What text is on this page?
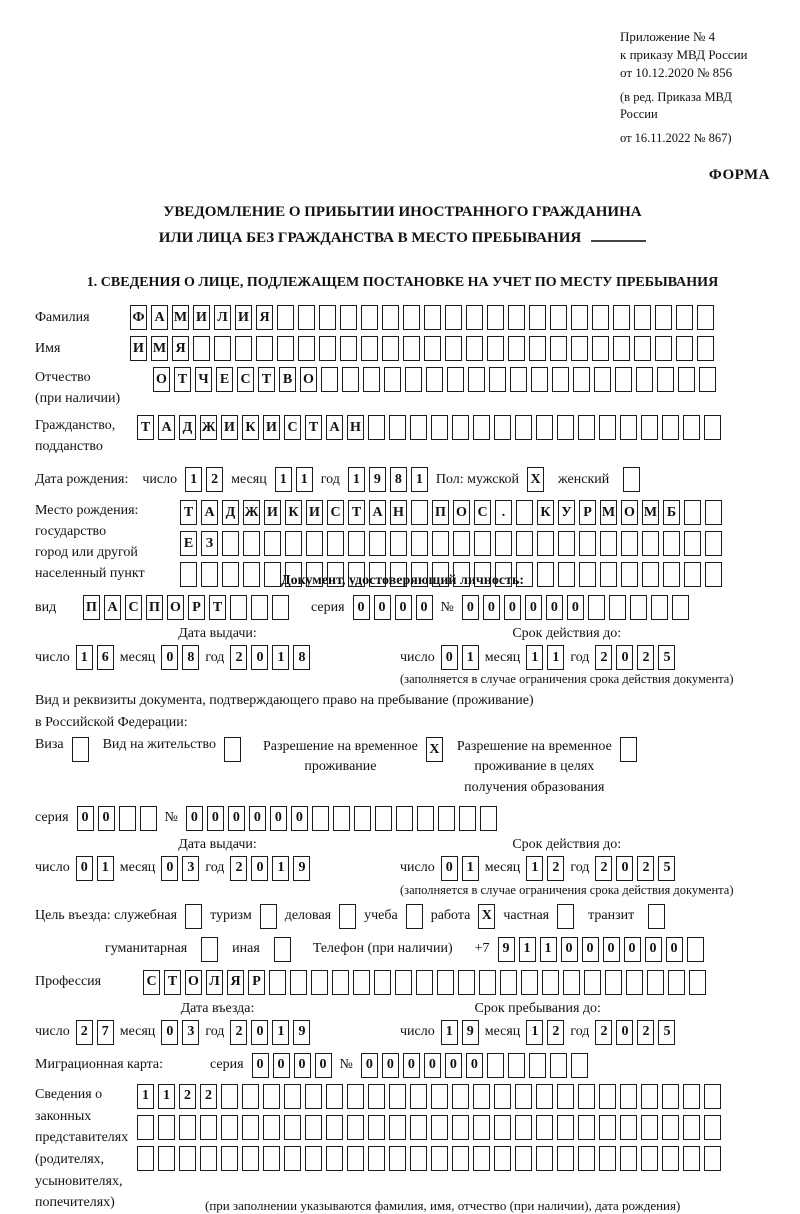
Приложение № 4
к приказу МВД России
от 10.12.2020 № 856
(в ред. Приказа МВД России
от 16.11.2022 № 867)
ФОРМА
УВЕДОМЛЕНИЕ О ПРИБЫТИИ ИНОСТРАННОГО ГРАЖДАНИНА
ИЛИ ЛИЦА БЕЗ ГРАЖДАНСТВА В МЕСТО ПРЕБЫВАНИЯ
1. СВЕДЕНИЯ О ЛИЦЕ, ПОДЛЕЖАЩЕМ ПОСТАНОВКЕ НА УЧЕТ ПО МЕСТУ ПРЕБЫВАНИЯ
Фамилия	Ф А М И Л И Я
Имя	И М Я
Отчество
(при наличии)
О Т Ч Е С Т В О
Гражданство,
подданство
Т А Д Ж И К И С Т А Н
Дата рождения: число 1	2 месяц 1	1 год 1	9	8	1 Пол: мужской X женский
Место рождения:
государство
город или другой
населенный пункт
Т А Д Ж И К И С Т А Н П О С	.	К У Р М О М Б
Е З
Документ, удостоверяющий личность:
вид	П А С П О Р Т	серия 0	0	0	0 № 0	0	0	0	0	0
Дата выдачи:
число 1	6 месяц 0	8 год 2	0	1	8
Срок действия до:
число 0	1 месяц 1	1 год 2	0	2	5
(заполняется в случае ограничения срока действия документа)
Вид и реквизиты документа, подтверждающего право на пребывание (проживание)
в Российской Федерации:
Виза	Вид на жительство	Разрешение на временное
проживание
X Разрешение на временное
проживание в целях
получения образования
серия 0	0	№ 0	0	0	0	0	0
Дата выдачи:
число 0	1 месяц 0	3 год 2	0	1	9
Срок действия до:
число 0	1 месяц 1	2 год 2	0	2	5
(заполняется в случае ограничения срока действия документа)
Цель въезда: служебная туризм деловая учеба работа X частная	транзит
гуманитарная	иная	Телефон (при наличии) +7 9	1	1	0	0	0	0	0	0
Профессия	С Т О Л Я Р
Дата въезда:
число 2	7 месяц 0	3 год 2	0	1	9
Срок пребывания до:
число 1	9 месяц 1	2 год 2	0	2	5
Миграционная карта:	серия 0	0	0	0 № 0	0	0	0	0	0
Сведения о
законных
представителях
(родителях,
усыновителях,
попечителях)
1	1	2	2
(при заполнении указываются фамилия, имя, отчество (при наличии), дата рождения)
